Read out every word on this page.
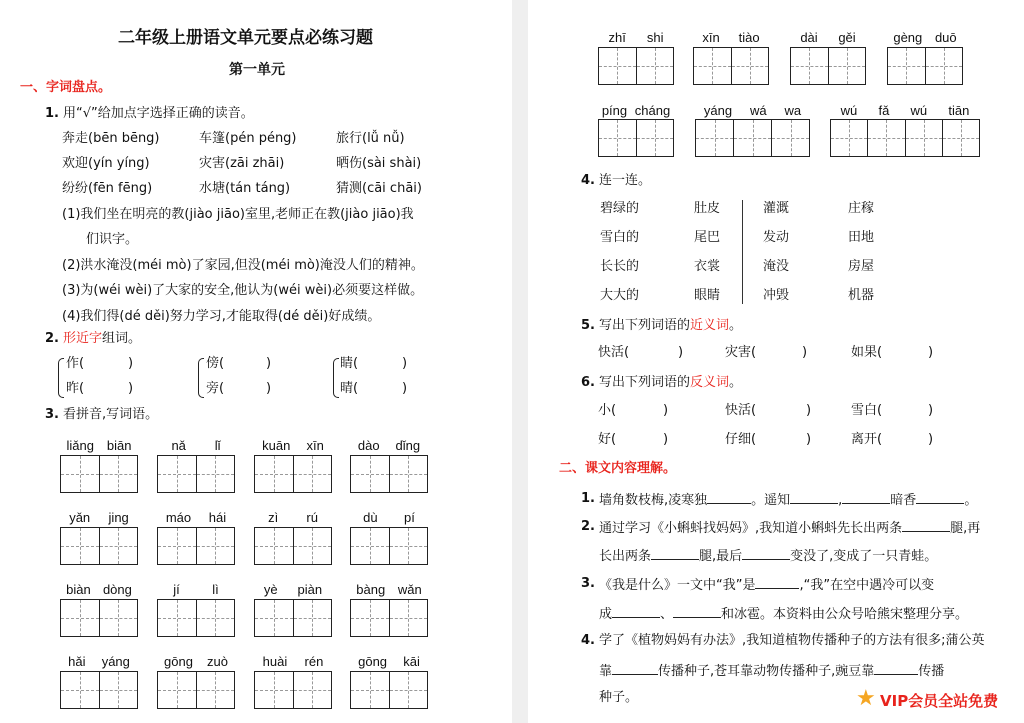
二年级上册语文单元要点必练习题
第一单元
一、字词盘点。
1. 用“√”给加点字选择正确的读音。
奔走(bēn bēng)	车篷(pén péng)	旅行(lǚ nǚ)
欢迎(yín yíng)	灾害(zāi zhāi)	晒伤(sài shài)
纷纷(fēn fēng)	水塘(tán táng)	猜测(cāi chāi)
(1)我们坐在明亮的教(jiào jiāo)室里,老师正在教(jiào jiāo)我
们识字。
(2)洪水淹没(méi mò)了家园,但没(méi mò)淹没人们的精神。
(3)为(wéi wèi)了大家的安全,他认为(wéi wèi)必须要这样做。
(4)我们得(dé děi)努力学习,才能取得(dé děi)好成绩。
2. 形近字组词。
作(	)
昨(	)
傍(	)
旁(	)
睛(	)
晴(	)
3. 看拼音,写词语。
liǎng biān	nǎ lǐ	kuān xīn	dào dǐng
yǎn jing	máo hái	zì rú	dù pí
biàn dòng	jí	lì	yè piàn	bàng wǎn
hǎi yáng	gōng zuò	huài rén	gōng kāi
zhī shi	xīn tiào	dài gěi	gèng duō
píng cháng	yáng wá wa	wú fǎ wú tiān
4. 连一连。
碧绿的	肚皮	灌溉	庄稼
雪白的	尾巴	发动	田地
长长的	衣裳	淹没	房屋
大大的	眼睛	冲毁	机器
5. 写出下列词语的近义词。
快活(	)	灾害(	)	如果(	)
6. 写出下列词语的反义词。
小(	)	快活(	)	雪白(	)
好(	)	仔细(	)	离开(	)
二、课文内容理解。
1. 墙角数枝梅,凌寒独	。遥知	,	暗香	。
2. 通过学习《小蝌蚪找妈妈》,我知道小蝌蚪先长出两条	腿,再
长出两条	腿,最后	变没了,变成了一只青蛙。
3. 《我是什么》一文中“我”是	,“我”在空中遇冷可以变
成	、	和冰雹。本资料由公众号哈熊宋整理分享。
4. 学了《植物妈妈有办法》,我知道植物传播种子的方法有很多;蒲公英
靠	传播种子,苍耳靠动物传播种子,豌豆靠	传播
种子。	★ VIP会员全站免费
